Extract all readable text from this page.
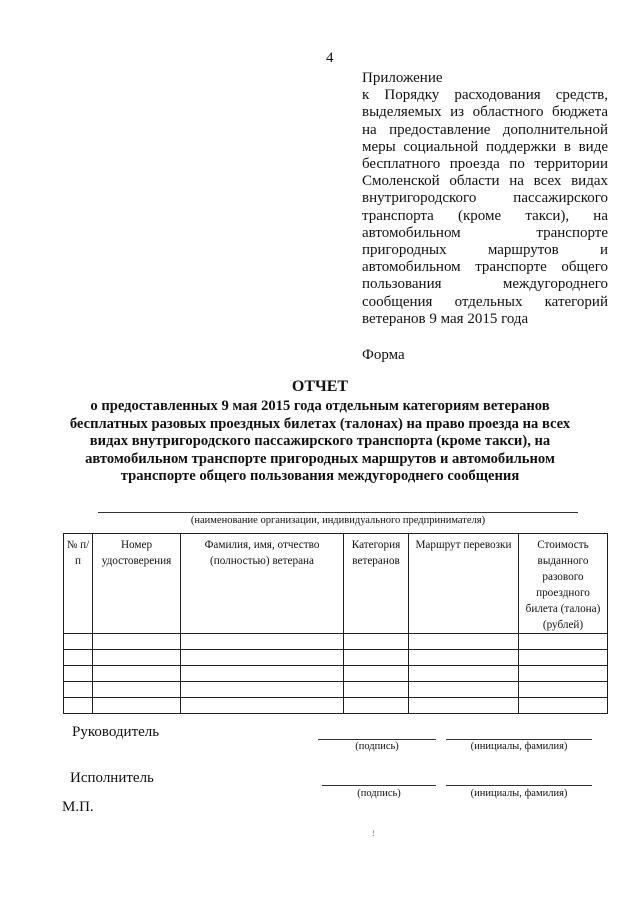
4
Приложение
к Порядку расходования средств,
выделяемых из областного бюджета
на предоставление дополнительной
меры социальной поддержки в виде
бесплатного проезда по территории
Смоленской области на всех видах
внутригородского пассажирского
транспорта (кроме такси), на
автомобильном транспорте
пригородных маршрутов и
автомобильном транспорте общего
пользования междугороднего
сообщения отдельных категорий
ветеранов 9 мая 2015 года
Форма
ОТЧЕТ
о предоставленных 9 мая 2015 года отдельным категориям ветеранов
бесплатных разовых проездных билетах (талонах) на право проезда на всех
видах внутригородского пассажирского транспорта (кроме такси), на
автомобильном транспорте пригородных маршрутов и автомобильном
транспорте общего пользования междугороднего сообщения
(наименование организации, индивидуального предпринимателя)
№ п/п	Номер удостоверения	Фамилия, имя, отчество (полностью) ветерана	Категория ветеранов	Маршрут перевозки	Стоимость выданного разового проездного билета (талона) (рублей)

Руководитель
(подпись)	(инициалы, фамилия)
Исполнитель
(подпись)	(инициалы, фамилия)
М.П.
!
